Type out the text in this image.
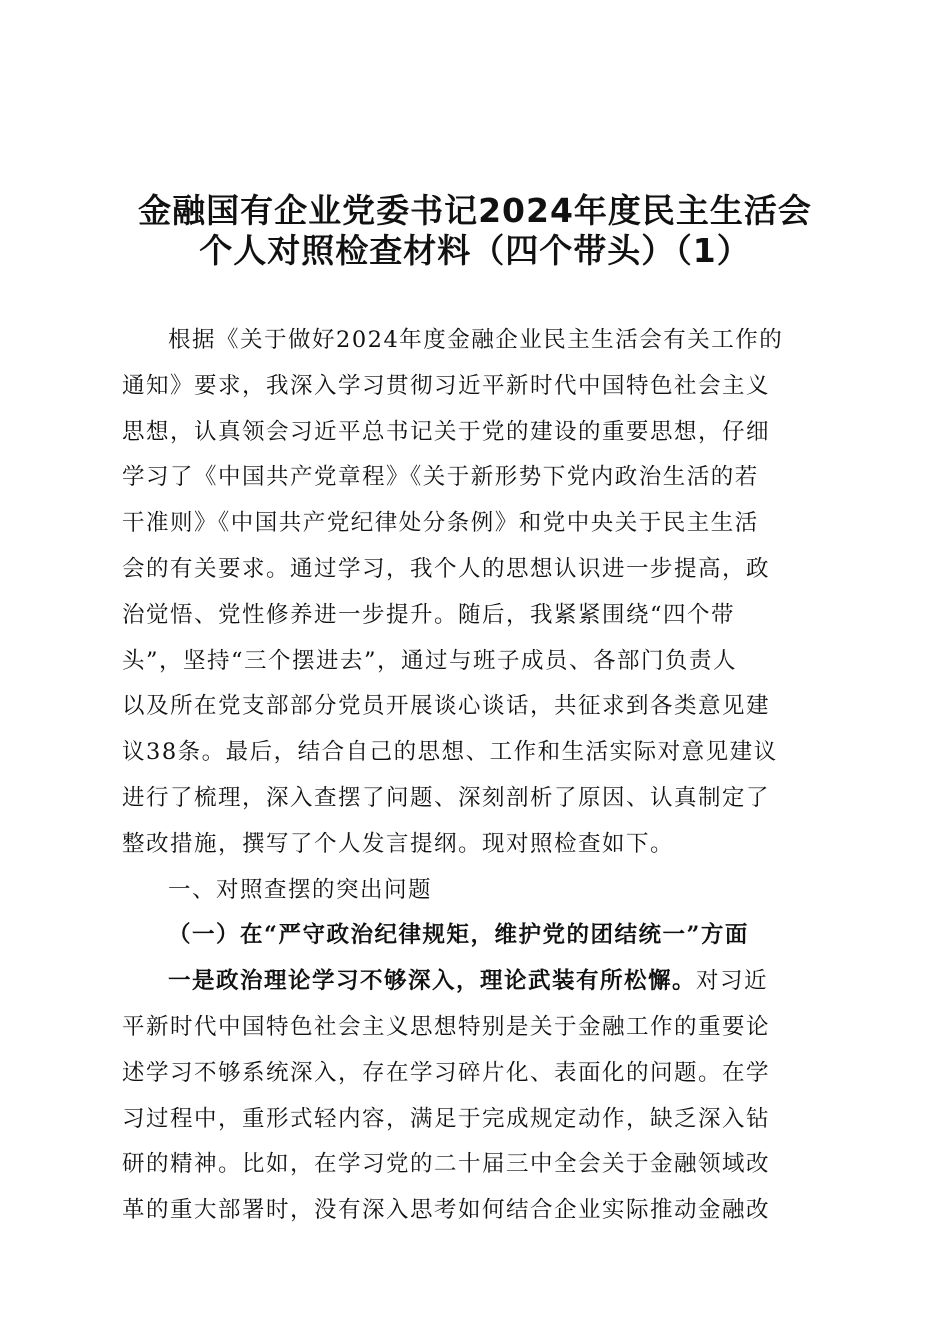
金融国有企业党委书记2024年度民主生活会
个人对照检查材料（四个带头）（1）
根据《关于做好2024年度金融企业民主生活会有关工作的
通知》要求，我深入学习贯彻习近平新时代中国特色社会主义
思想，认真领会习近平总书记关于党的建设的重要思想，仔细
学习了《中国共产党章程》《关于新形势下党内政治生活的若
干准则》《中国共产党纪律处分条例》和党中央关于民主生活
会的有关要求。通过学习，我个人的思想认识进一步提高，政
治觉悟、党性修养进一步提升。随后，我紧紧围绕“四个带
头”，坚持“三个摆进去”，通过与班子成员、各部门负责人
以及所在党支部部分党员开展谈心谈话，共征求到各类意见建
议38条。最后，结合自己的思想、工作和生活实际对意见建议
进行了梳理，深入查摆了问题、深刻剖析了原因、认真制定了
整改措施，撰写了个人发言提纲。现对照检查如下。
一、对照查摆的突出问题
（一）在“严守政治纪律规矩，维护党的团结统一”方面
一是政治理论学习不够深入，理论武装有所松懈。对习近
平新时代中国特色社会主义思想特别是关于金融工作的重要论
述学习不够系统深入，存在学习碎片化、表面化的问题。在学
习过程中，重形式轻内容，满足于完成规定动作，缺乏深入钻
研的精神。比如，在学习党的二十届三中全会关于金融领域改
革的重大部署时，没有深入思考如何结合企业实际推动金融改
